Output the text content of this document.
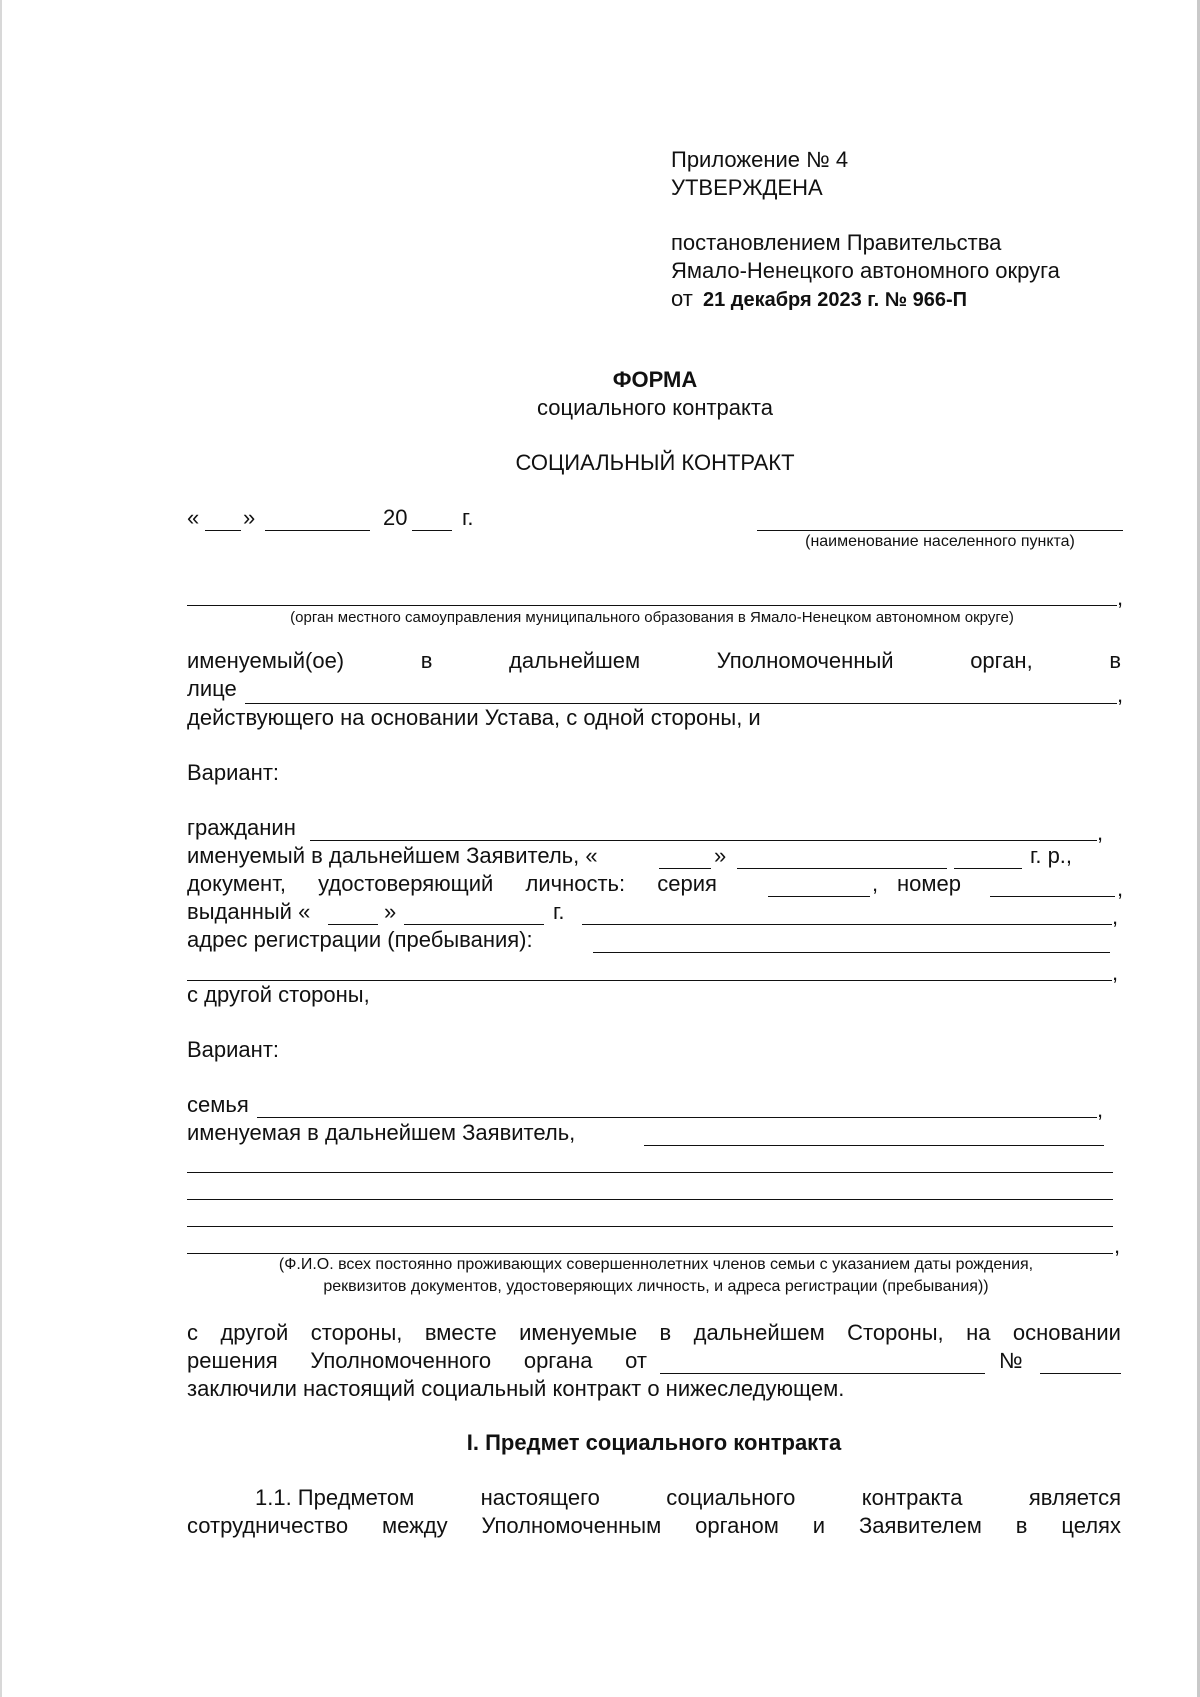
Приложение № 4
УТВЕРЖДЕНА
постановлением Правительства
Ямало-Ненецкого автономного округа
от 21 декабря 2023 г. № 966-П
ФОРМА
социального контракта
СОЦИАЛЬНЫЙ КОНТРАКТ
« »	20 г.
(наименование населенного пункта)
,
(орган местного самоуправления муниципального образования в Ямало-Ненецком автономном округе)
именуемый(ое)	в	дальнейшем	Уполномоченный	орган,	в
лице	,
действующего на основании Устава, с одной стороны, и
Вариант:
гражданин	,
именуемый в дальнейшем Заявитель, «	»	г. р.,
документ, удостоверяющий личность: серия	, номер	,
выданный «	»	г.	,
адрес регистрации (пребывания):
,
с другой стороны,
Вариант:
семья	,
именуемая в дальнейшем Заявитель,
,
(Ф.И.О. всех постоянно проживающих совершеннолетних членов семьи с указанием даты рождения,
реквизитов документов, удостоверяющих личность, и адреса регистрации (пребывания))
с другой стороны, вместе именуемые в дальнейшем Стороны, на основании
решения Уполномоченного органа от	№
заключили настоящий социальный контракт о нижеследующем.
I. Предмет социального контракта
1.1. Предметом	настоящего	социального	контракта	является
сотрудничество между Уполномоченным органом и Заявителем в целях
